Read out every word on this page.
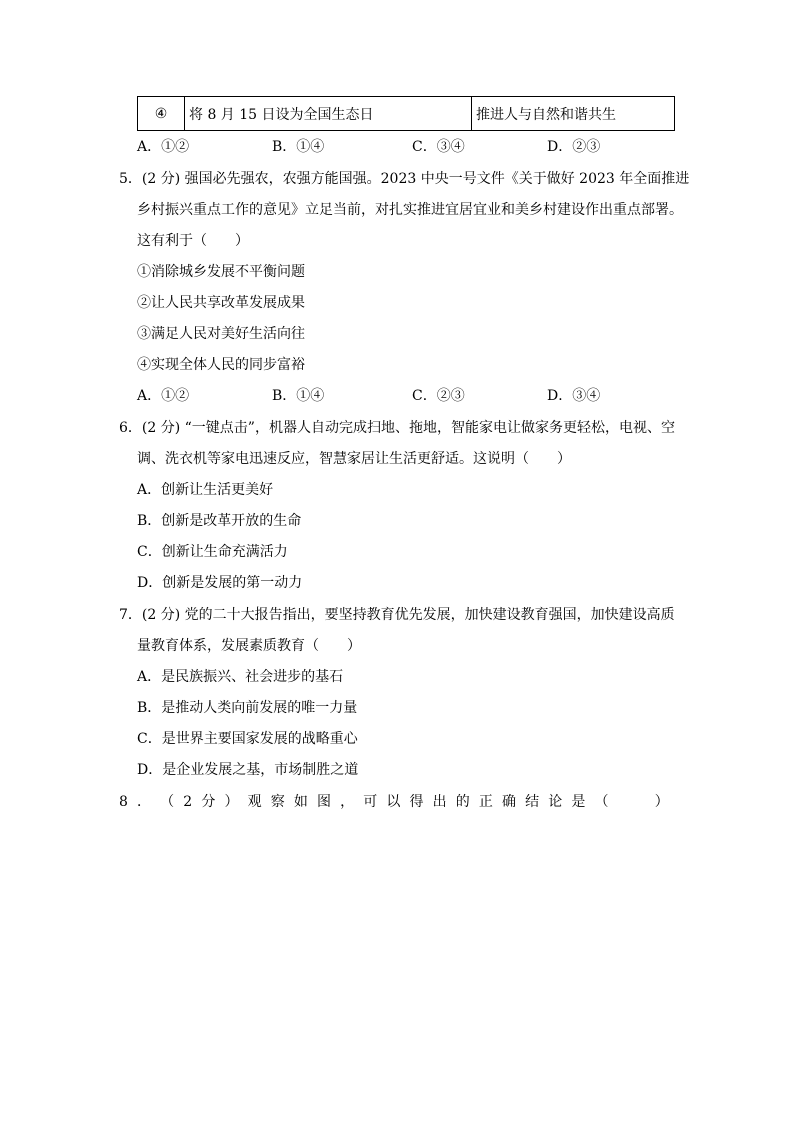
④	将 8 月 15 日设为全国生态日	推进人与自然和谐共生
A．①②	B．①④	C．③④	D．②③
5．(2 分) 强国必先强农，农强方能国强。2023 中央一号文件《关于做好 2023 年全面推进
乡村振兴重点工作的意见》立足当前，对扎实推进宜居宜业和美乡村建设作出重点部署。
这有利于（　　）
①消除城乡发展不平衡问题
②让人民共享改革发展成果
③满足人民对美好生活向往
④实现全体人民的同步富裕
A．①②	B．①④	C．②③	D．③④
6．(2 分) “一键点击”，机器人自动完成扫地、拖地，智能家电让做家务更轻松，电视、空
调、洗衣机等家电迅速反应，智慧家居让生活更舒适。这说明（　　）
A．创新让生活更美好
B．创新是改革开放的生命
C．创新让生命充满活力
D．创新是发展的第一动力
7．(2 分) 党的二十大报告指出，要坚持教育优先发展，加快建设教育强国，加快建设高质
量教育体系，发展素质教育（　　）
A．是民族振兴、社会进步的基石
B．是推动人类向前发展的唯一力量
C．是世界主要国家发展的战略重心
D．是企业发展之基，市场制胜之道
8 ． （ 2 分 ） 观 察 如 图 ， 可 以 得 出 的 正 确 结 论 是 （
　　	）
